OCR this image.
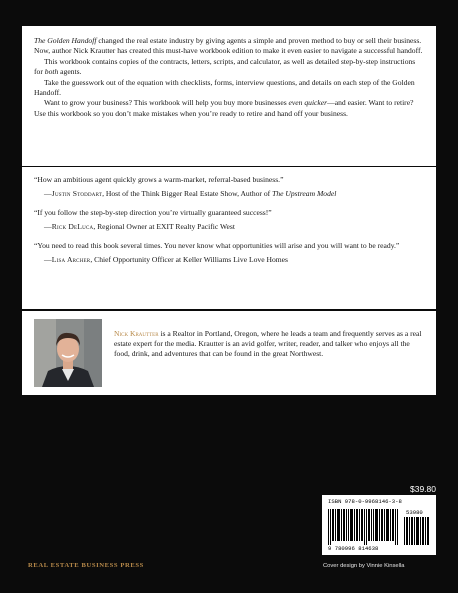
The Golden Handoff changed the real estate industry by giving agents a simple and proven method to buy or sell their business. Now, author Nick Krautter has created this must-have workbook edition to make it even easier to navigate a successful handoff.

This workbook contains copies of the contracts, letters, scripts, and calculator, as well as detailed step-by-step instructions for both agents.

Take the guesswork out of the equation with checklists, forms, interview questions, and details on each step of the Golden Handoff.

Want to grow your business? This workbook will help you buy more businesses even quicker—and easier. Want to retire? Use this workbook so you don’t make mistakes when you’re ready to retire and hand off your business.

“How an ambitious agent quickly grows a warm-market, referral-based business.”

—Justin Stoddart, Host of the Think Bigger Real Estate Show, Author of The Upstream Model

“If you follow the step-by-step direction you’re virtually guaranteed success!”

—Rick DeLuca, Regional Owner at EXIT Realty Pacific West

“You need to read this book several times. You never know what opportunities will arise and you will want to be ready.”

—Lisa Archer, Chief Opportunity Officer at Keller Williams Live Love Homes

Nick Krautter is a Realtor in Portland, Oregon, where he leads a team and frequently serves as a real estate expert for the media. Krautter is an avid golfer, writer, reader, and talker who enjoys all the food, drink, and adventures that can be found in the great Northwest.

$39.80
ISBN 978-0-9968146-3-8
53980
9 780996 814638
REAL ESTATE BUSINESS PRESS	Cover design by Vinnie Kinsella
